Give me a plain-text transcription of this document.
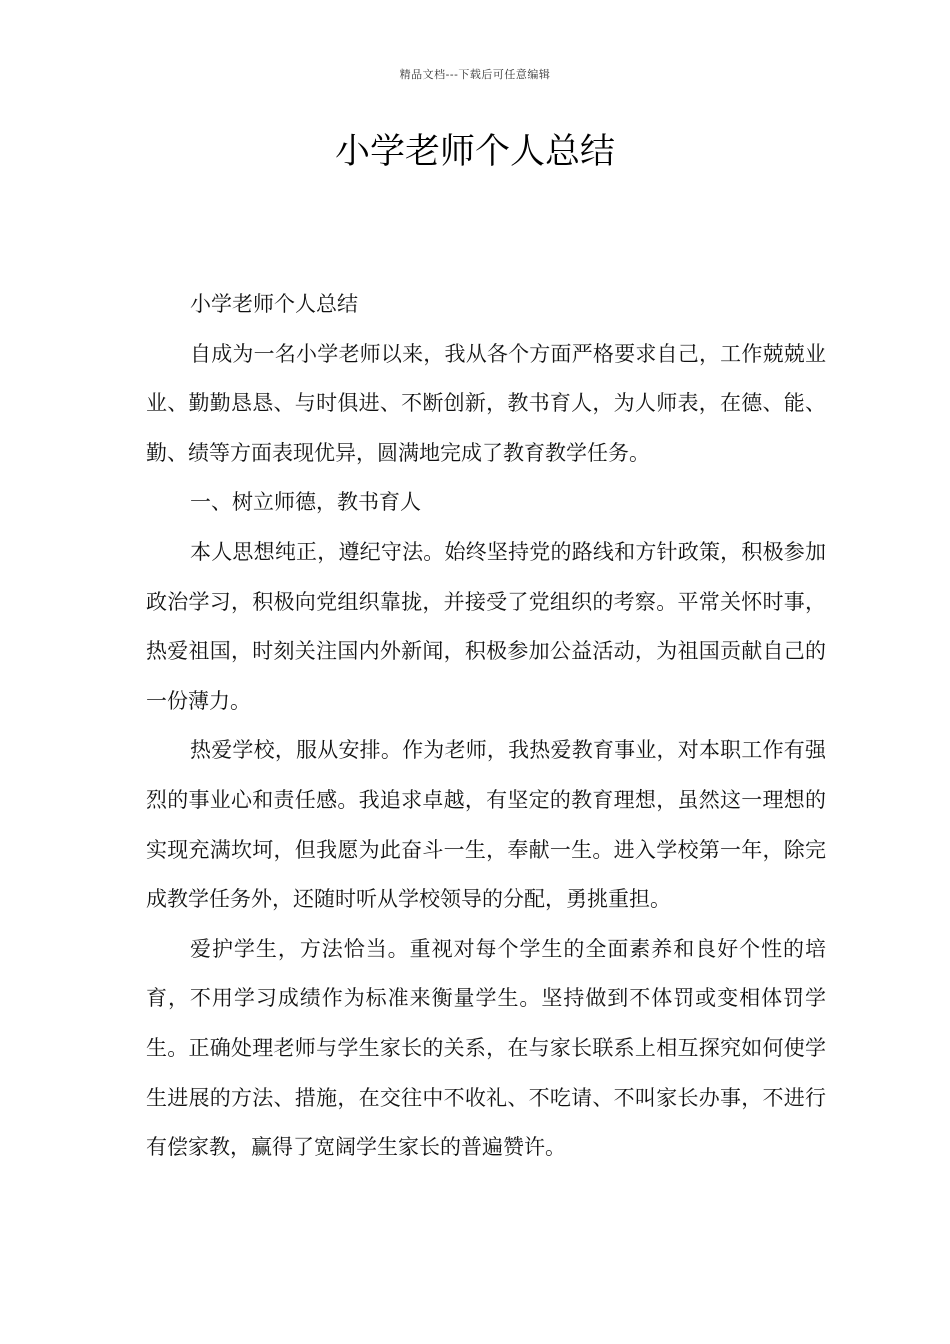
精品文档---下载后可任意编辑
小学老师个人总结

小学老师个人总结

自成为一名小学老师以来，我从各个方面严格要求自己，工作兢兢业业、勤勤恳恳、与时俱进、不断创新，教书育人，为人师表，在德、能、勤、绩等方面表现优异，圆满地完成了教育教学任务。

一、树立师德，教书育人

本人思想纯正，遵纪守法。始终坚持党的路线和方针政策，积极参加政治学习，积极向党组织靠拢，并接受了党组织的考察。平常关怀时事，热爱祖国，时刻关注国内外新闻，积极参加公益活动，为祖国贡献自己的一份薄力。

热爱学校，服从安排。作为老师，我热爱教育事业，对本职工作有强烈的事业心和责任感。我追求卓越，有坚定的教育理想，虽然这一理想的实现充满坎坷，但我愿为此奋斗一生，奉献一生。进入学校第一年，除完成教学任务外，还随时听从学校领导的分配，勇挑重担。

爱护学生，方法恰当。重视对每个学生的全面素养和良好个性的培育，不用学习成绩作为标准来衡量学生。坚持做到不体罚或变相体罚学生。正确处理老师与学生家长的关系，在与家长联系上相互探究如何使学生进展的方法、措施，在交往中不收礼、不吃请、不叫家长办事，不进行有偿家教，赢得了宽阔学生家长的普遍赞许。
